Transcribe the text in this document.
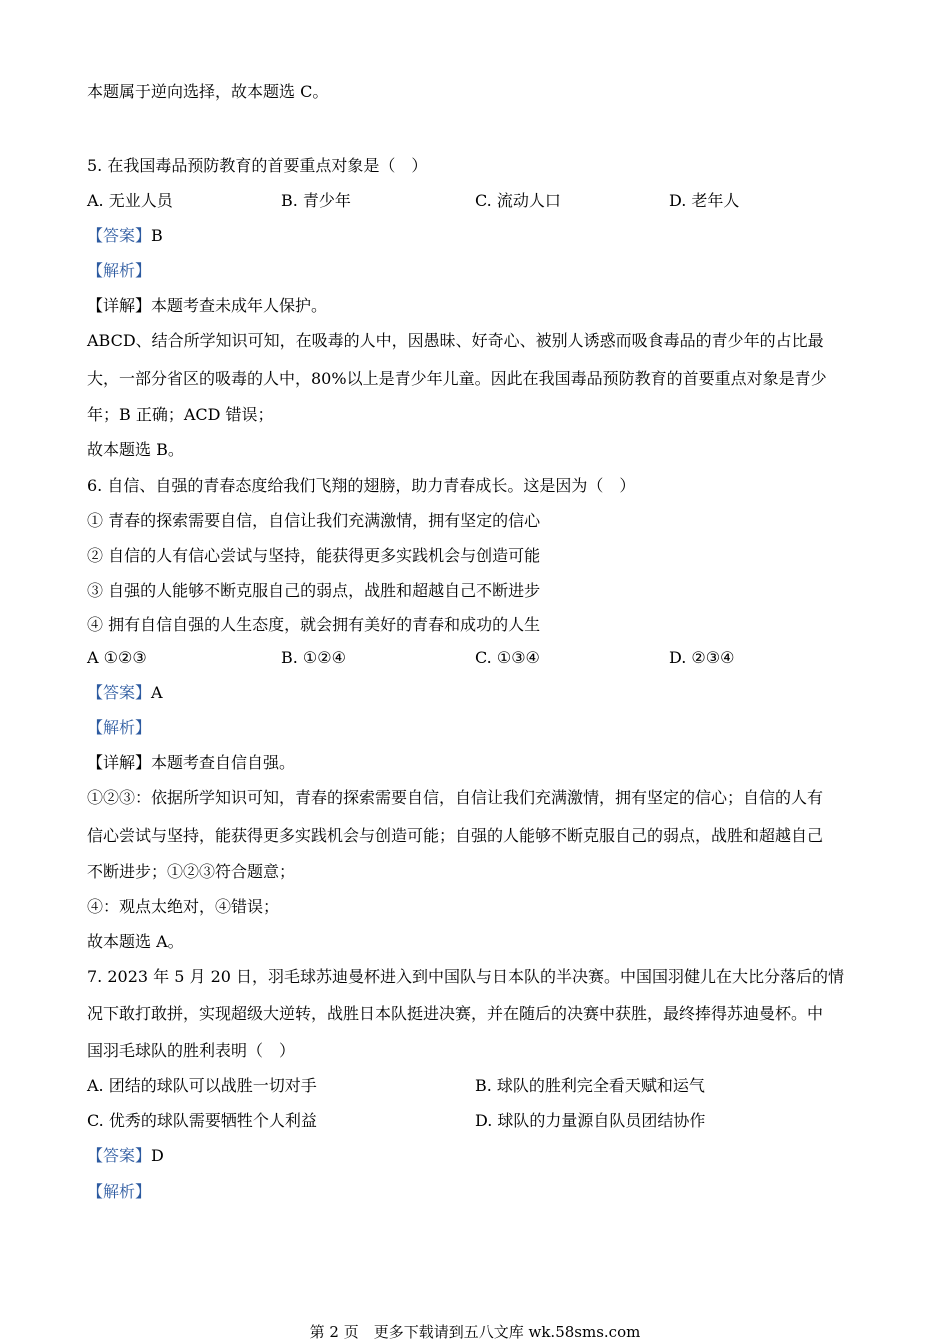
本题属于逆向选择，故本题选 C。
5. 在我国毒品预防教育的首要重点对象是（　）
A. 无业人员	B. 青少年	C. 流动人口	D. 老年人
【答案】B
【解析】
【详解】本题考查未成年人保护。
ABCD、结合所学知识可知，在吸毒的人中，因愚昧、好奇心、被别人诱惑而吸食毒品的青少年的占比最
大，一部分省区的吸毒的人中，80%以上是青少年儿童。因此在我国毒品预防教育的首要重点对象是青少
年；B 正确；ACD 错误；
故本题选 B。
6. 自信、自强的青春态度给我们飞翔的翅膀，助力青春成长。这是因为（　）
① 青春的探索需要自信，自信让我们充满激情，拥有坚定的信心
② 自信的人有信心尝试与坚持，能获得更多实践机会与创造可能
③ 自强的人能够不断克服自己的弱点，战胜和超越自己不断进步
④ 拥有自信自强的人生态度，就会拥有美好的青春和成功的人生
A ①②③	B. ①②④	C. ①③④	D. ②③④
【答案】A
【解析】
【详解】本题考查自信自强。
①②③：依据所学知识可知，青春的探索需要自信，自信让我们充满激情，拥有坚定的信心；自信的人有
信心尝试与坚持，能获得更多实践机会与创造可能；自强的人能够不断克服自己的弱点，战胜和超越自己
不断进步；①②③符合题意；
④：观点太绝对，④错误；
故本题选 A。
7. 2023 年 5 月 20 日，羽毛球苏迪曼杯进入到中国队与日本队的半决赛。中国国羽健儿在大比分落后的情
况下敢打敢拼，实现超级大逆转，战胜日本队挺进决赛，并在随后的决赛中获胜，最终捧得苏迪曼杯。中
国羽毛球队的胜利表明（　）
A. 团结的球队可以战胜一切对手	B. 球队的胜利完全看天赋和运气
C. 优秀的球队需要牺牲个人利益	D. 球队的力量源自队员团结协作
【答案】D
【解析】
第 2 页　更多下载请到五八文库 wk.58sms.com
